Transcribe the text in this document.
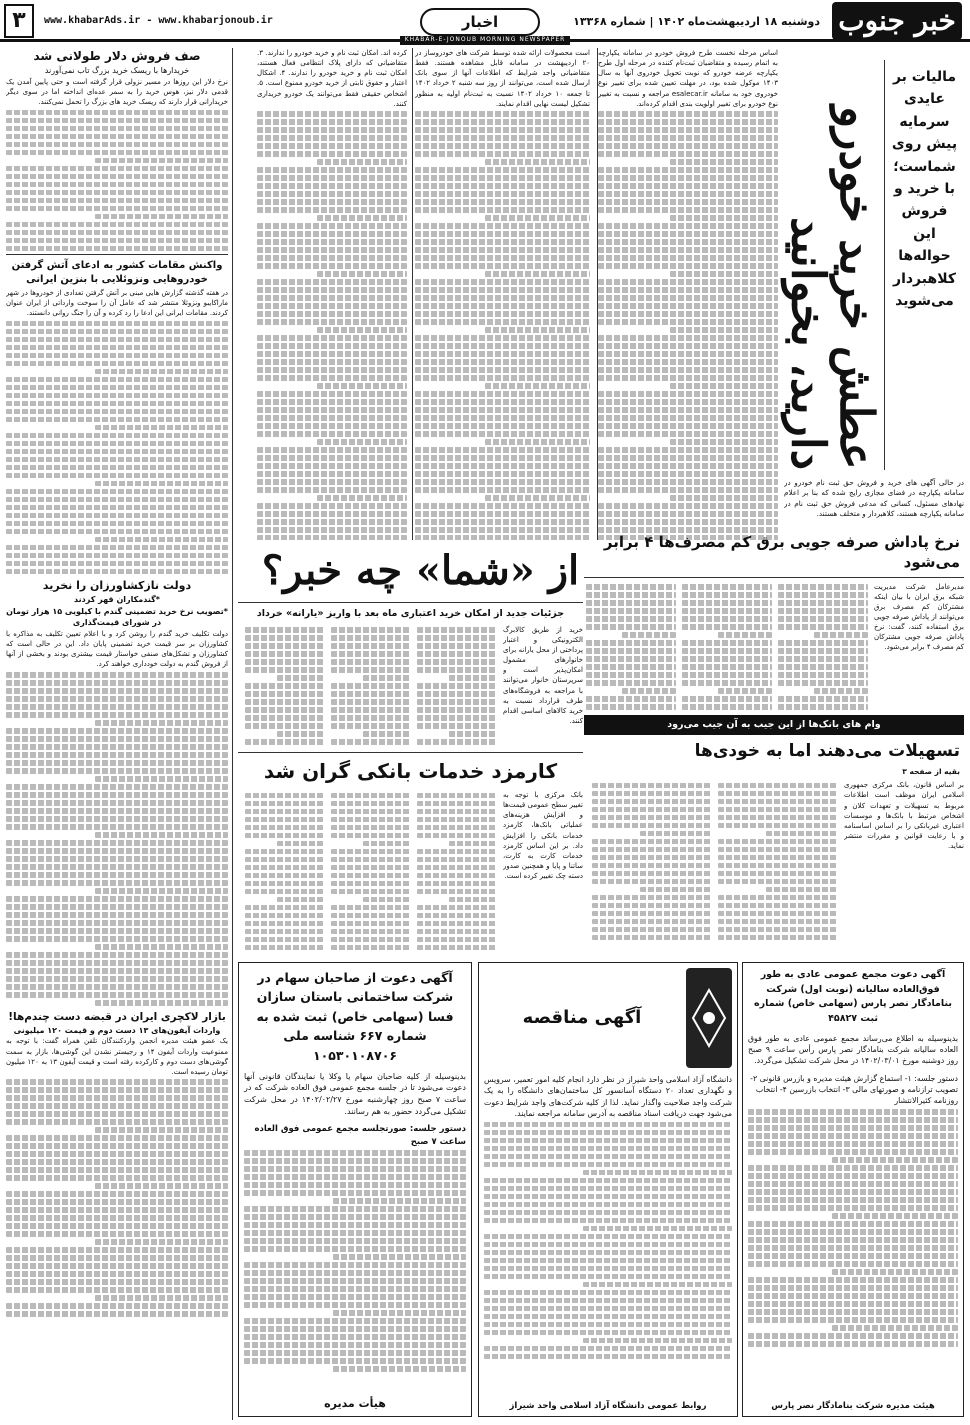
خبر جنوب
دوشنبه ۱۸ اردیبهشت‌ماه ۱۴۰۲ | شماره ۱۳۳۶۸
اخبار
KHABAR-E-JONOUB MORNING NEWSPAPER
www.khabarAds.ir - www.khabarjonoub.ir
۳
عطش خرید خودرو دارید، بخوانید
مالیات بر عایدی سرمایه پیش روی شماست؛ با خرید و فروش این حواله‌ها کلاهبردار می‌شوید
در حالی آگهی های خرید و فروش حق ثبت نام خودرو در سامانه یکپارچه در فضای مجازی رایج شده که بنا بر اعلام نهادهای مسئول، کسانی که مدعی فروش حق ثبت نام در سامانه یکپارچه هستند، کلاهبردار و متخلف هستند.

اساس مرحله نخست طرح فروش خودرو در سامانه یکپارچه به اتمام رسیده و متقاضیان ثبت‌نام کننده در مرحله اول طرح یکپارچه عرضه خودرو که نوبت تحویل خودروی آنها به سال ۱۴۰۳ موکول شده بود، در مهلت تعیین شده برای تغییر نوع خودروی خود به سامانه esalecar.ir مراجعه و نسبت به تغییر نوع خودرو برای تغییر اولویت بندی اقدام کرده‌اند.

است محصولات ارائه شده توسط شرکت های خودروساز در ۲۰ اردیبهشت در سامانه قابل مشاهده هستند. فقط متقاضیانی واجد شرایط که اطلاعات آنها از سوی بانک ارسال شده است، می‌توانند از روز سه شنبه ۲ خرداد ۱۴۰۲ تا جمعه ۱۰ خرداد ۱۴۰۲ نسبت به ثبت‌نام اولیه به منظور تشکیل لیست نهایی اقدام نمایند.

کرده اند. امکان ثبت نام و خرید خودرو را ندارند. ۳. متقاضیانی که دارای پلاک انتظامی فعال هستند، امکان ثبت نام و خرید خودرو را ندارند. ۴. اشکال اعتبار و حقوق ثابتی از خرید خودرو ممنوع است. ۵. اشخاص حقیقی فقط می‌توانند یک خودرو خریداری کنند.

از «شما» چه خبر؟
نرخ پاداش صرفه جویی برق کم مصرف‌ها ۴ برابر می‌شود
مدیرعامل شرکت مدیریت شبکه برق ایران با بیان اینکه مشترکان کم مصرف برق می‌توانند از پاداش صرفه جویی برق استفاده کنند، گفت: نرخ پاداش صرفه جویی مشترکان کم مصرف ۴ برابر می‌شود.
جزئیات جدید از امکان خرید اعتباری ماه بعد با واریز «یارانه» خرداد
خرید از طریق کالابرگ الکترونیکی و اعتبار پرداختی از محل یارانه برای خانوارهای مشمول امکان‌پذیر است و سرپرستان خانوار می‌توانند با مراجعه به فروشگاه‌های طرف قرارداد نسبت به خرید کالاهای اساسی اقدام کنند.	وام های بانک‌ها از این جیب به آن جیب می‌رود
تسهیلات می‌دهند اما به خودی‌ها
بقیه از صفحه ۳
بر اساس قانون، بانک مرکزی جمهوری اسلامی ایران موظف است اطلاعات مربوط به تسهیلات و تعهدات کلان و اشخاص مرتبط با بانک‌ها و موسسات اعتباری غیربانکی را بر اساس اساسنامه و با رعایت قوانین و مقررات منتشر نماید.
کارمزد خدمات بانکی گران شد
بانک مرکزی با توجه به تغییر سطح عمومی قیمت‌ها و افزایش هزینه‌های عملیاتی بانک‌ها، کارمزد خدمات بانکی را افزایش داد. بر این اساس کارمزد خدمات کارت به کارت، ساتنا و پایا و همچنین صدور دسته چک تغییر کرده است.
صف فروش دلار طولانی شد
خریدارها با ریسک خرید بزرگ تاب نمی‌آورند

نرخ دلار این روزها در مسیر نزولی قرار گرفته است و حتی پایین آمدن یک قدمی دلار نیز، هوس خرید را به سمر عده‌ای انداخته اما در سوی دیگر خریدارانی قرار دارند که ریسک خرید های بزرگ را تحمل نمی‌کنند.

واکنش مقامات کشور به ادعای آتش گرفتن خودروهایی ونزوئلایی با بنزین ایرانی

در هفته گذشته گزارش هایی مبنی بر آتش گرفتن تعدادی از خودروها در شهر ماراکایبو ونزوئلا منتشر شد که عامل آن را سوخت وارداتی از ایران عنوان کردند. مقامات ایرانی این ادعا را رد کرده و آن را جنگ روانی دانستند.

دولت نازکشاورزان را نخرید
*گندمکاران قهر کردند
*تصویب نرخ خرید تضمینی گندم با کیلویی ۱۵ هزار تومان در شورای قیمت‌گذاری

دولت تکلیف خرید گندم را روشن کرد و با اعلام تعیین تکلیف به مذاکره با کشاورزان بر سر قیمت خرید تضمینی پایان داد. این در حالی است که کشاورزان و تشکل‌های صنفی خواستار قیمت بیشتری بودند و بخشی از آنها از فروش گندم به دولت خودداری خواهند کرد.

بازار لاکچری ایران در قبضه دست چندم‌ها!
واردات آیفون‌های ۱۳ دست دوم و قیمت ۱۲۰ میلیونی

یک عضو هیئت مدیره انجمن واردکنندگان تلفن همراه گفت: با توجه به ممنوعیت واردات آیفون ۱۴ و رجیستر نشدن این گوشی‌ها، بازار به سمت گوشی‌های دست دوم و کارکرده رفته است و قیمت آیفون ۱۳ به ۱۲۰ میلیون تومان رسیده است.

آگهی مناقصه

دانشگاه آزاد اسلامی واحد شیراز در نظر دارد انجام کلیه امور تعمیر، سرویس و نگهداری تعداد ۲۰ دستگاه آسانسور کل ساختمان‌های دانشگاه را به یک شرکت واجد صلاحیت واگذار نماید. لذا از کلیه شرکت‌های واجد شرایط دعوت می‌شود جهت دریافت اسناد مناقصه به آدرس سامانه مراجعه نمایند.

روابط عمومی دانشگاه آزاد اسلامی واحد شیراز
آگهی دعوت از صاحبان سهام در شرکت ساختمانی باستان سازان فسا (سهامی خاص) ثبت شده به شماره ۶۶۷ شناسه ملی ۱۰۵۳۰۱۰۸۷۰۶

بدینوسیله از کلیه صاحبان سهام یا وکلا یا نمایندگان قانونی آنها دعوت می‌شود تا در جلسه مجمع عمومی فوق العاده شرکت که در ساعت ۷ صبح روز چهارشنبه مورخ ۱۴۰۲/۰۲/۲۷ در محل شرکت تشکیل می‌گردد حضور به هم رسانند.

دستور جلسه: صورتجلسه مجمع عمومی فوق العاده ساعت ۷ صبح
هیأت مدیره
آگهی دعوت مجمع عمومی عادی به طور فوق‌العاده سالیانه (نوبت اول) شرکت بنامادگار نصر پارس (سهامی خاص) شماره ثبت ۴۵۸۲۷

بدینوسیله به اطلاع می‌رساند مجمع عمومی عادی به طور فوق العاده سالیانه شرکت بنامادگار نصر پارس رأس ساعت ۹ صبح روز دوشنبه مورخ ۱۴۰۲/۰۳/۰۱ در محل شرکت تشکیل می‌گردد.

دستور جلسه: ۱- استماع گزارش هیئت مدیره و بازرس قانونی ۲- تصویب ترازنامه و صورتهای مالی ۳- انتخاب بازرسین ۴- انتخاب روزنامه کثیرالانتشار
هیئت مدیره شرکت بنامادگار نصر پارس
